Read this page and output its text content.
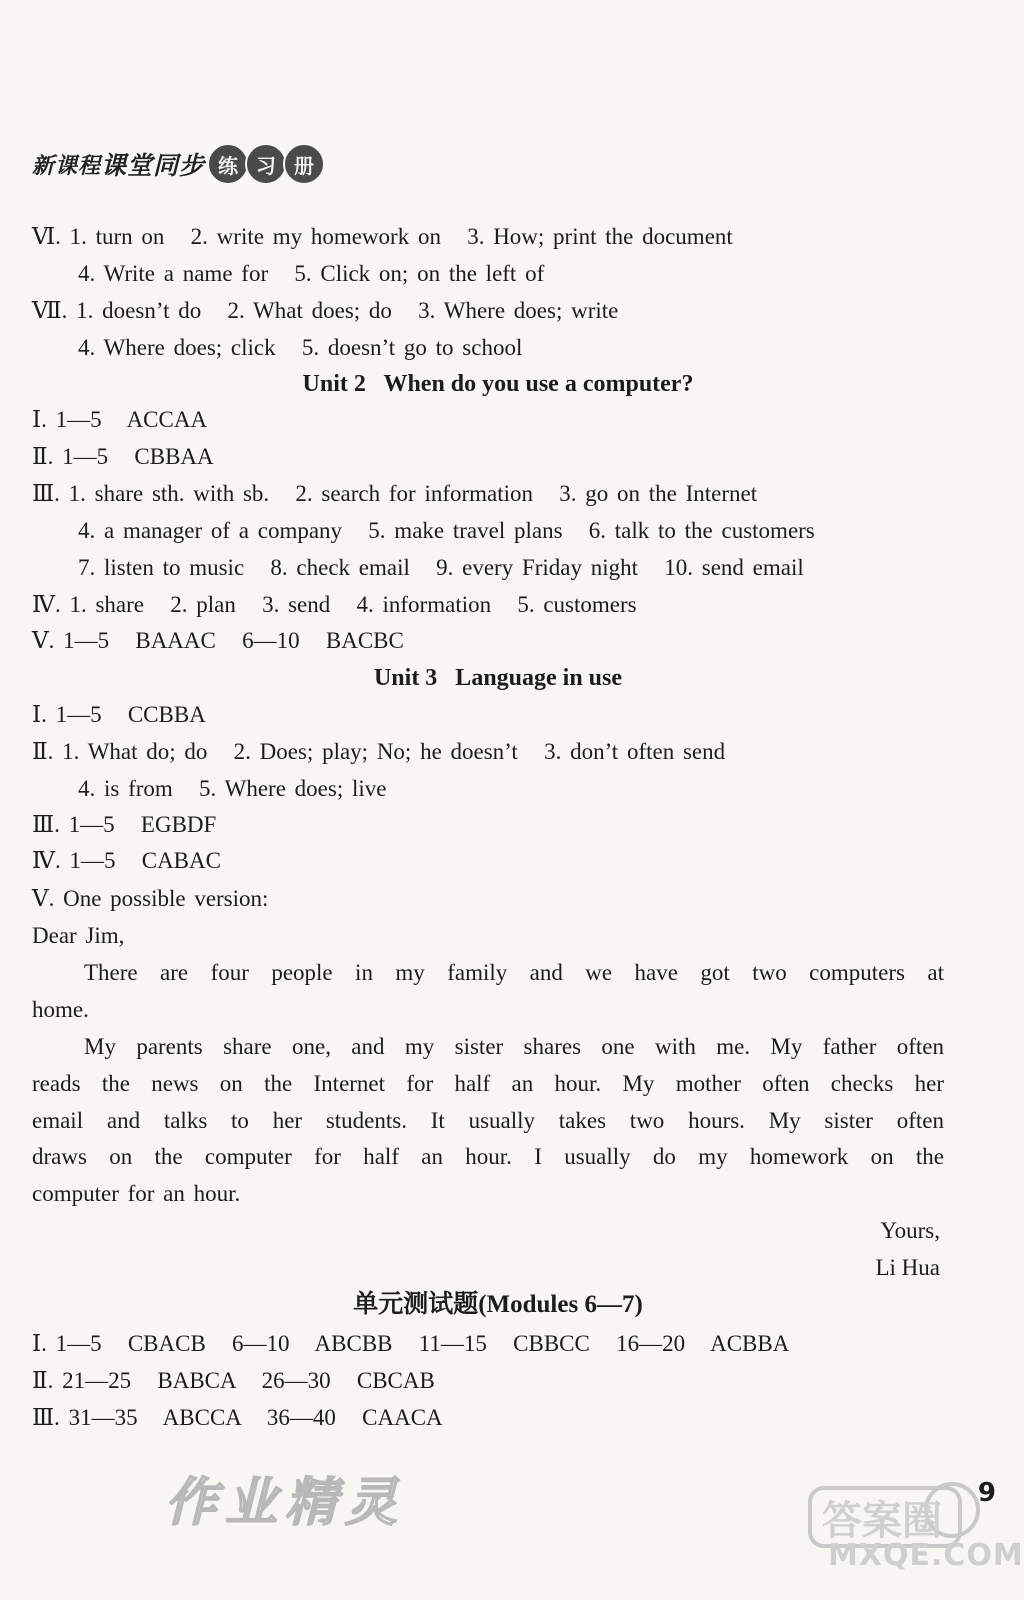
新课程 课堂同步 练 习 册
Ⅵ. 1. turn on   2. write my homework on   3. How; print the document
4. Write a name for   5. Click on; on the left of
Ⅶ. 1. doesn’t do   2. What does; do   3. Where does; write
4. Where does; click   5. doesn’t go to school
Unit 2   When do you use a computer?
Ⅰ. 1—5   ACCAA
Ⅱ. 1—5   CBBAA
Ⅲ. 1. share sth. with sb.   2. search for information   3. go on the Internet
4. a manager of a company   5. make travel plans   6. talk to the customers
7. listen to music   8. check email   9. every Friday night   10. send email
Ⅳ. 1. share   2. plan   3. send   4. information   5. customers
Ⅴ. 1—5   BAAAC   6—10   BACBC
Unit 3   Language in use
Ⅰ. 1—5   CCBBA
Ⅱ. 1. What do; do   2. Does; play; No; he doesn’t   3. don’t often send
4. is from   5. Where does; live
Ⅲ. 1—5   EGBDF
Ⅳ. 1—5   CABAC
Ⅴ. One possible version:
Dear Jim,
There are four people in my family and we have got two computers at
home.
My parents share one, and my sister shares one with me. My father often
reads the news on the Internet for half an hour. My mother often checks her
email and talks to her students. It usually takes two hours. My sister often
draws on the computer for half an hour. I usually do my homework on the
computer for an hour.
Yours,
Li Hua
单元测试题(Modules 6—7)
Ⅰ. 1—5   CBACB   6—10   ABCBB   11—15   CBBCC   16—20   ACBBA
Ⅱ. 21—25   BABCA   26—30   CBCAB
Ⅲ. 31—35   ABCCA   36—40   CAACA
作业精灵	答案圈
MXQE.COM
9
